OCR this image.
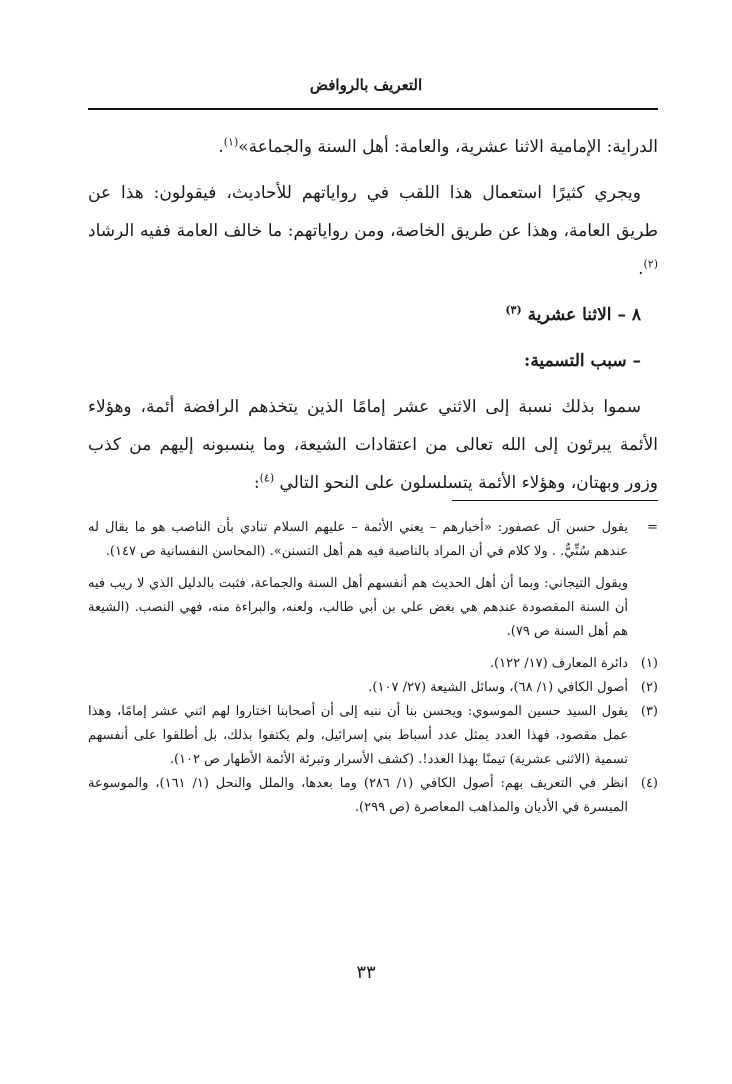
التعريف بالروافض

الدراية: الإمامية الاثنا عشرية، والعامة: أهل السنة والجماعة»$^{(١)}$.

 ويجري كثيرًا استعمال هذا اللقب في رواياتهم للأحاديث، فيقولون: هذا عن طريق العامة، وهذا عن طريق الخاصة، ومن رواياتهم: ما خالف العامة ففيه الرشاد $^{(٢)}$.

 ٨ – الاثنا عشرية $^{(٣)}$

 – سبب التسمية:

 سموا بذلك نسبة إلى الاثني عشر إمامًا الذين يتخذهم الرافضة أئمة، وهؤلاء الأئمة يبرئون إلى الله تعالى من اعتقادات الشيعة، وما ينسبونه إليهم من كذب وزور وبهتان، وهؤلاء الأئمة يتسلسلون على النحو التالي $^{(٤)}$:

=
يقول حسن آل عصفور: «أخبارهم – يعني الأئمة – عليهم السلام تنادي بأن الناصب هو ما يقال له عندهم سُنِّيٌّ. . ولا كلام في أن المراد بالناصبة فيه هم أهل التسنن». (المحاسن النفسانية ص ١٤٧).

ويقول التيجاني: وبما أن أهل الحديث هم أنفسهم أهل السنة والجماعة، فثبت بالدليل الذي لا ريب فيه أن السنة المقصودة عندهم هي بغض علي بن أبي طالب، ولعنه، والبراءة منه، فهي النصب. (الشيعة هم أهل السنة ص ٧٩).

(١)
دائرة المعارف (١٧/ ١٢٢).
(٢)
أصول الكافي (١/ ٦٨)، وسائل الشيعة (٢٧/ ١٠٧).
(٣)
يقول السيد حسين الموسوي: ويحسن بنا أن ننبه إلى أن أصحابنا اختاروا لهم اثني عشر إمامًا، وهذا عمل مقصود، فهذا العدد يمثل عدد أسباط بني إسرائيل، ولم يكتفوا بذلك، بل أطلقوا على أنفسهم تسمية (الاثنى عشرية) تيمنًا بهذا العدد!. (كشف الأسرار وتبرئة الأئمة الأطهار ص ١٠٢).
(٤)
انظر في التعريف بهم: أصول الكافي (١/ ٢٨٦) وما بعدها، والملل والنحل (١/ ١٦١)، والموسوعة الميسرة في الأديان والمذاهب المعاصرة (ص ٢٩٩).
٣٣
